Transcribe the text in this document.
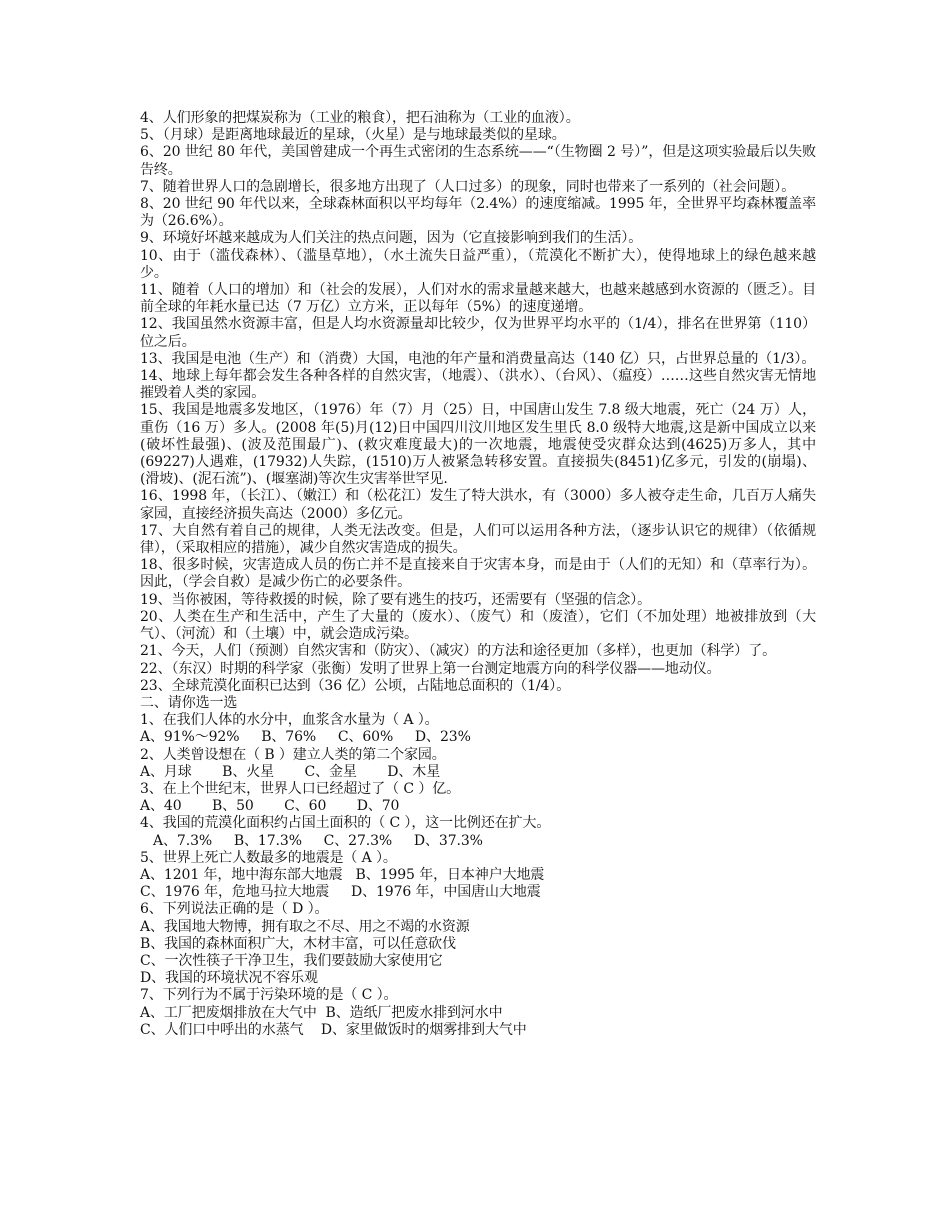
4、人们形象的把煤炭称为（工业的粮食），把石油称为（工业的血液）。

5、（月球）是距离地球最近的星球，（火星）是与地球最类似的星球。

6、20 世纪 80 年代，美国曾建成一个再生式密闭的生态系统——“（生物圈 2 号）”，但是这项实验最后以失败告终。

7、随着世界人口的急剧增长，很多地方出现了（人口过多）的现象，同时也带来了一系列的（社会问题）。

8、20 世纪 90 年代以来，全球森林面积以平均每年（2.4%）的速度缩减。1995 年，全世界平均森林覆盖率为（26.6%）。

9、环境好坏越来越成为人们关注的热点问题，因为（它直接影响到我们的生活）。

10、由于（滥伐森林）、（滥垦草地），（水土流失日益严重），（荒漠化不断扩大），使得地球上的绿色越来越少。

11、随着（人口的增加）和（社会的发展），人们对水的需求量越来越大，也越来越感到水资源的（匮乏）。目前全球的年耗水量已达（7 万亿）立方米，正以每年（5%）的速度递增。

12、我国虽然水资源丰富，但是人均水资源量却比较少，仅为世界平均水平的（1/4），排名在世界第（110）位之后。

13、我国是电池（生产）和（消费）大国，电池的年产量和消费量高达（140 亿）只，占世界总量的（1/3）。

14、地球上每年都会发生各种各样的自然灾害，（地震）、（洪水）、（台风）、（瘟疫）……这些自然灾害无情地摧毁着人类的家园。

15、我国是地震多发地区，（1976）年（7）月（25）日，中国唐山发生 7.8 级大地震，死亡（24 万）人，重伤（16 万）多人。(2008 年(5)月(12)日中国四川汶川地区发生里氏 8.0 级特大地震,这是新中国成立以来(破坏性最强)、(波及范围最广)、(救灾难度最大)的一次地震，地震使受灾群众达到(4625)万多人，其中(69227)人遇难，(17932)人失踪，(1510)万人被紧急转移安置。直接损失(8451)亿多元，引发的(崩塌)、(滑坡)、(泥石流”)、(堰塞湖)等次生灾害举世罕见.

16、1998 年，（长江）、（嫩江）和（松花江）发生了特大洪水，有（3000）多人被夺走生命，几百万人痛失家园，直接经济损失高达（2000）多亿元。

17、大自然有着自己的规律，人类无法改变。但是，人们可以运用各种方法，（逐步认识它的规律）（依循规律），（采取相应的措施），减少自然灾害造成的损失。

18、很多时候，灾害造成人员的伤亡并不是直接来自于灾害本身，而是由于（人们的无知）和（草率行为）。因此，（学会自救）是减少伤亡的必要条件。

19、当你被困，等待救援的时候，除了要有逃生的技巧，还需要有（坚强的信念）。

20、人类在生产和生活中，产生了大量的（废水）、（废气）和（废渣），它们（不加处理）地被排放到（大气）、（河流）和（土壤）中，就会造成污染。

21、今天，人们（预测）自然灾害和（防灾）、（减灾）的方法和途径更加（多样），也更加（科学）了。

22、（东汉）时期的科学家（张衡）发明了世界上第一台测定地震方向的科学仪器——地动仪。

23、全球荒漠化面积已达到（36 亿）公顷，占陆地总面积的（1/4）。

二、请你选一选

1、在我们人体的水分中，血浆含水量为（ A ）。

A、91%～92%     B、76%     C、60%     D、23%

2、人类曾设想在（ B ）建立人类的第二个家园。

A、月球       B、火星       C、金星       D、木星

3、在上个世纪末，世界人口已经超过了（ C ）亿。

A、40       B、50       C、60       D、70

4、我国的荒漠化面积约占国土面积的（ C ），这一比例还在扩大。

A、7.3%     B、17.3%     C、27.3%     D、37.3%

5、世界上死亡人数最多的地震是（ A ）。

A、1201 年，地中海东部大地震   B、1995 年，日本神户大地震

C、1976 年，危地马拉大地震     D、1976 年，中国唐山大地震

6、下列说法正确的是（ D ）。

A、我国地大物博，拥有取之不尽、用之不竭的水资源

B、我国的森林面积广大，木材丰富，可以任意砍伐

C、一次性筷子干净卫生，我们要鼓励大家使用它

D、我国的环境状况不容乐观

7、下列行为不属于污染环境的是（ C ）。

A、工厂把废烟排放在大气中  B、造纸厂把废水排到河水中

C、人们口中呼出的水蒸气    D、家里做饭时的烟雾排到大气中
